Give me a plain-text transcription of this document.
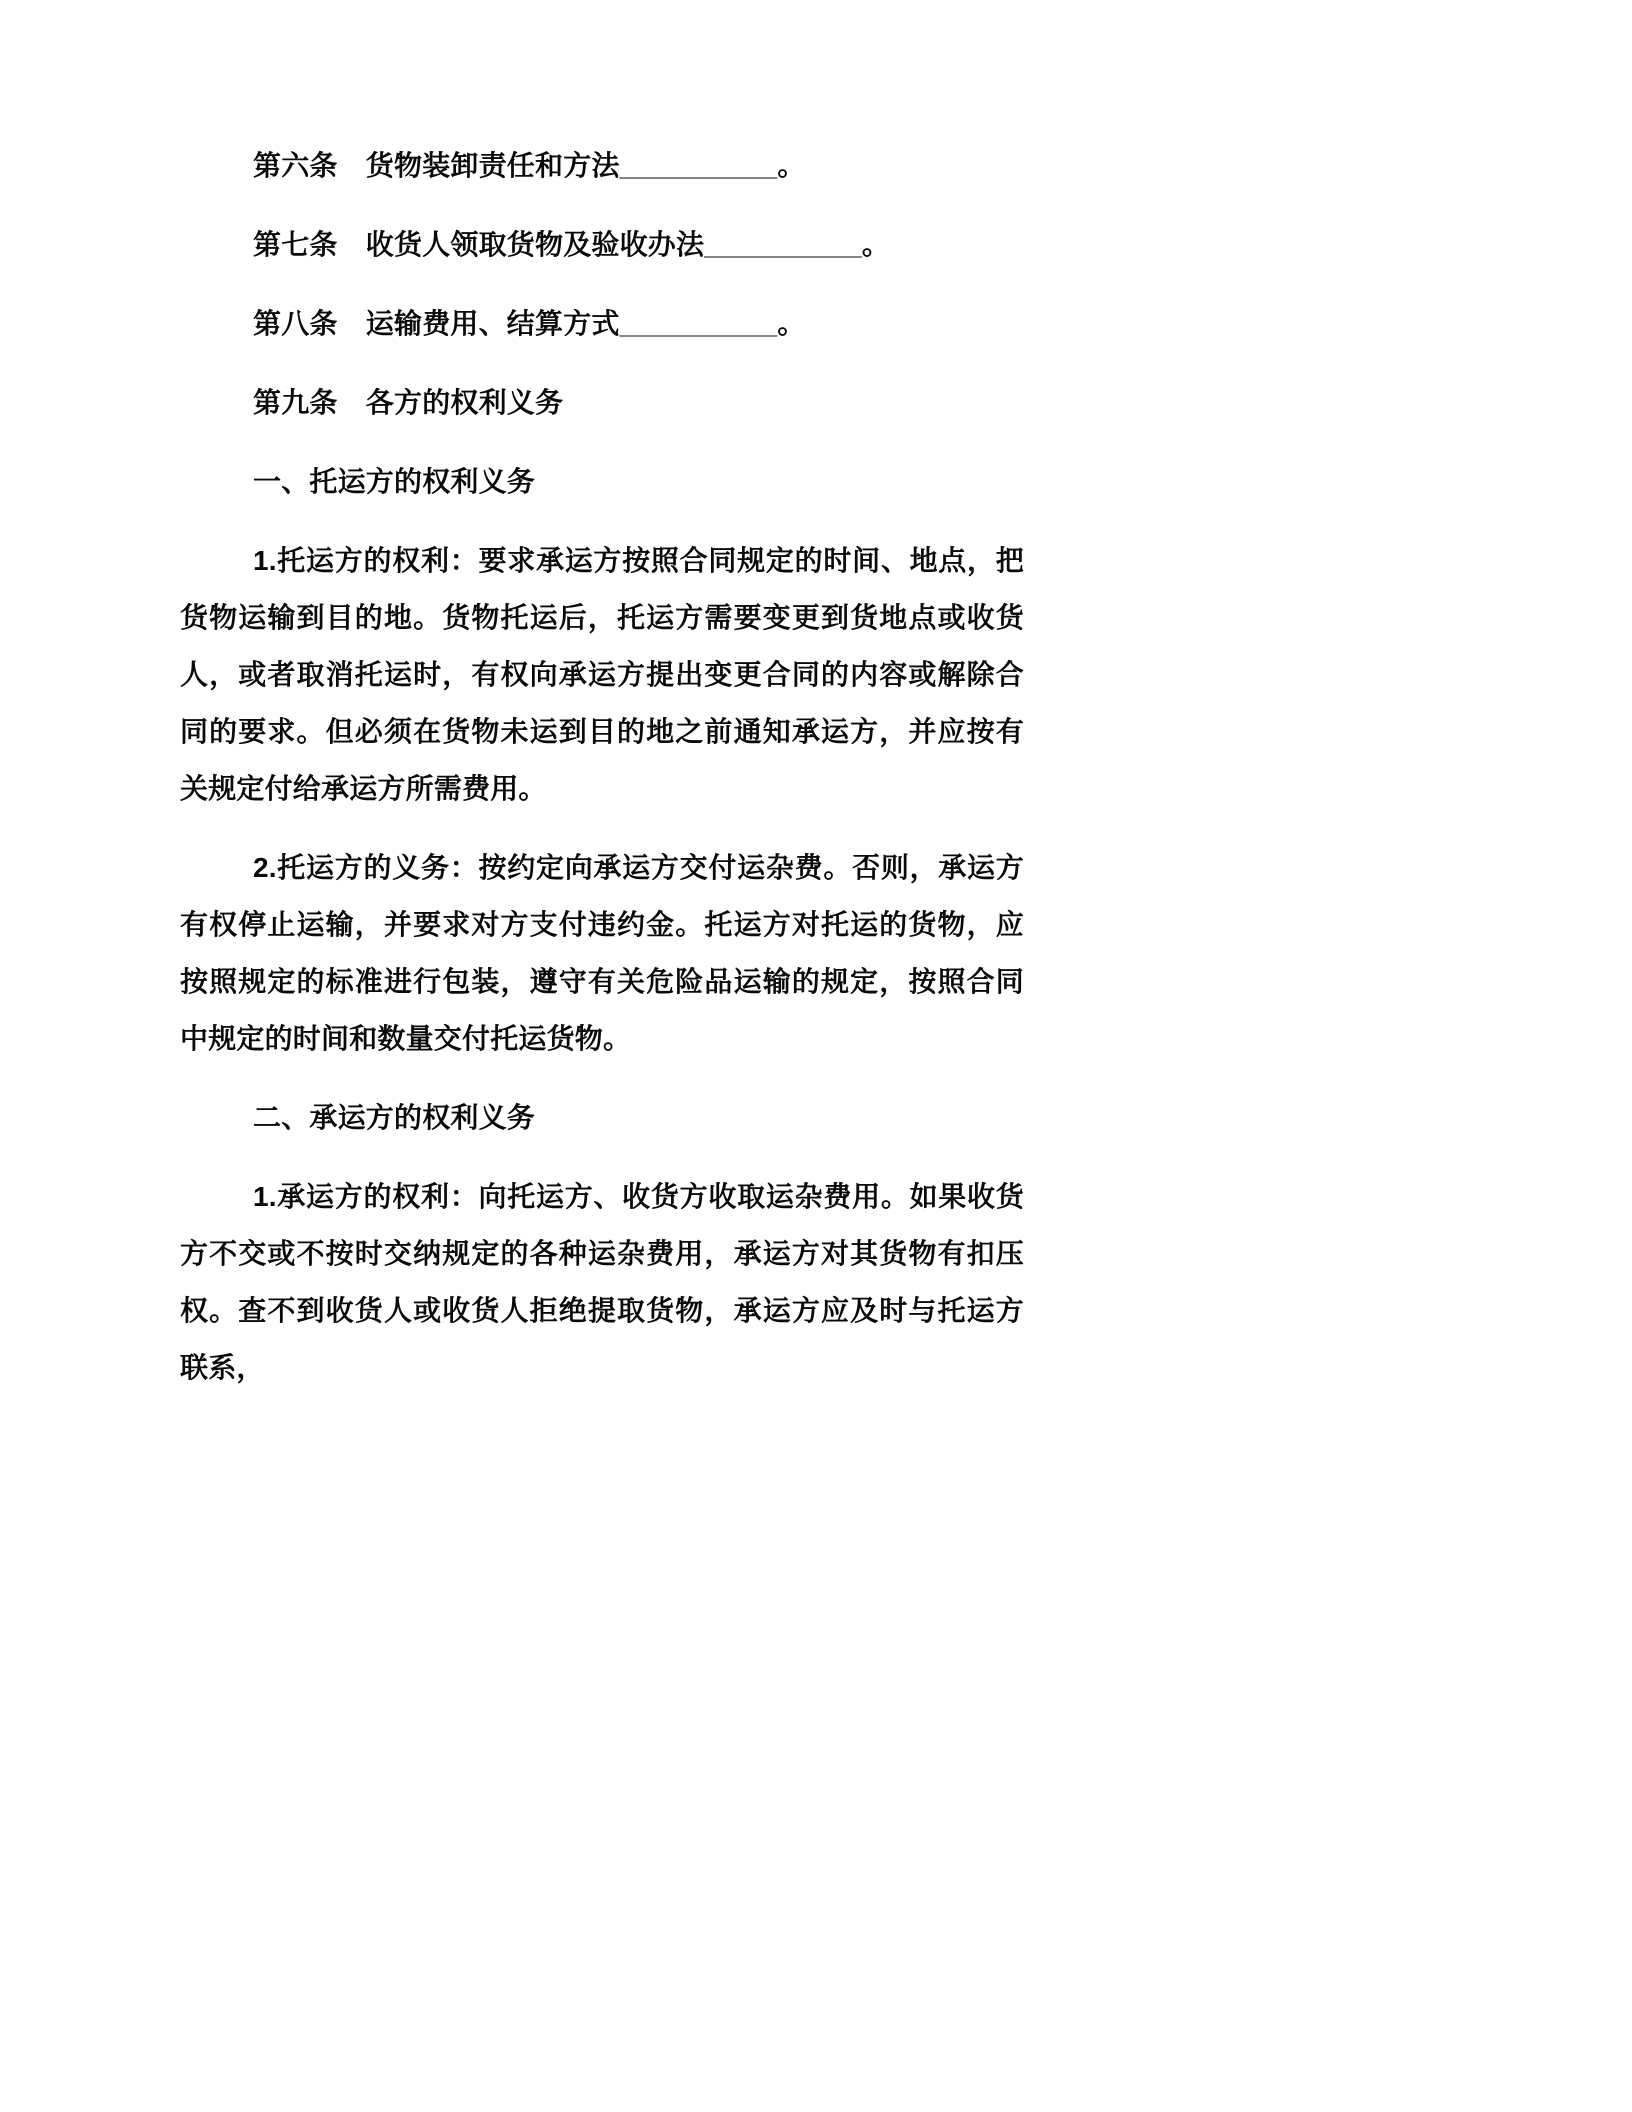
第六条　货物装卸责任和方法__________。

第七条　收货人领取货物及验收办法__________。

第八条　运输费用、结算方式__________。

第九条　各方的权利义务

一、托运方的权利义务

1.托运方的权利：要求承运方按照合同规定的时间、地点，把货物运输到目的地。货物托运后，托运方需要变更到货地点或收货人，或者取消托运时，有权向承运方提出变更合同的内容或解除合同的要求。但必须在货物未运到目的地之前通知承运方，并应按有关规定付给承运方所需费用。

2.托运方的义务：按约定向承运方交付运杂费。否则，承运方有权停止运输，并要求对方支付违约金。托运方对托运的货物，应按照规定的标准进行包装，遵守有关危险品运输的规定，按照合同中规定的时间和数量交付托运货物。

二、承运方的权利义务

1.承运方的权利：向托运方、收货方收取运杂费用。如果收货方不交或不按时交纳规定的各种运杂费用，承运方对其货物有扣压权。查不到收货人或收货人拒绝提取货物，承运方应及时与托运方联系，
